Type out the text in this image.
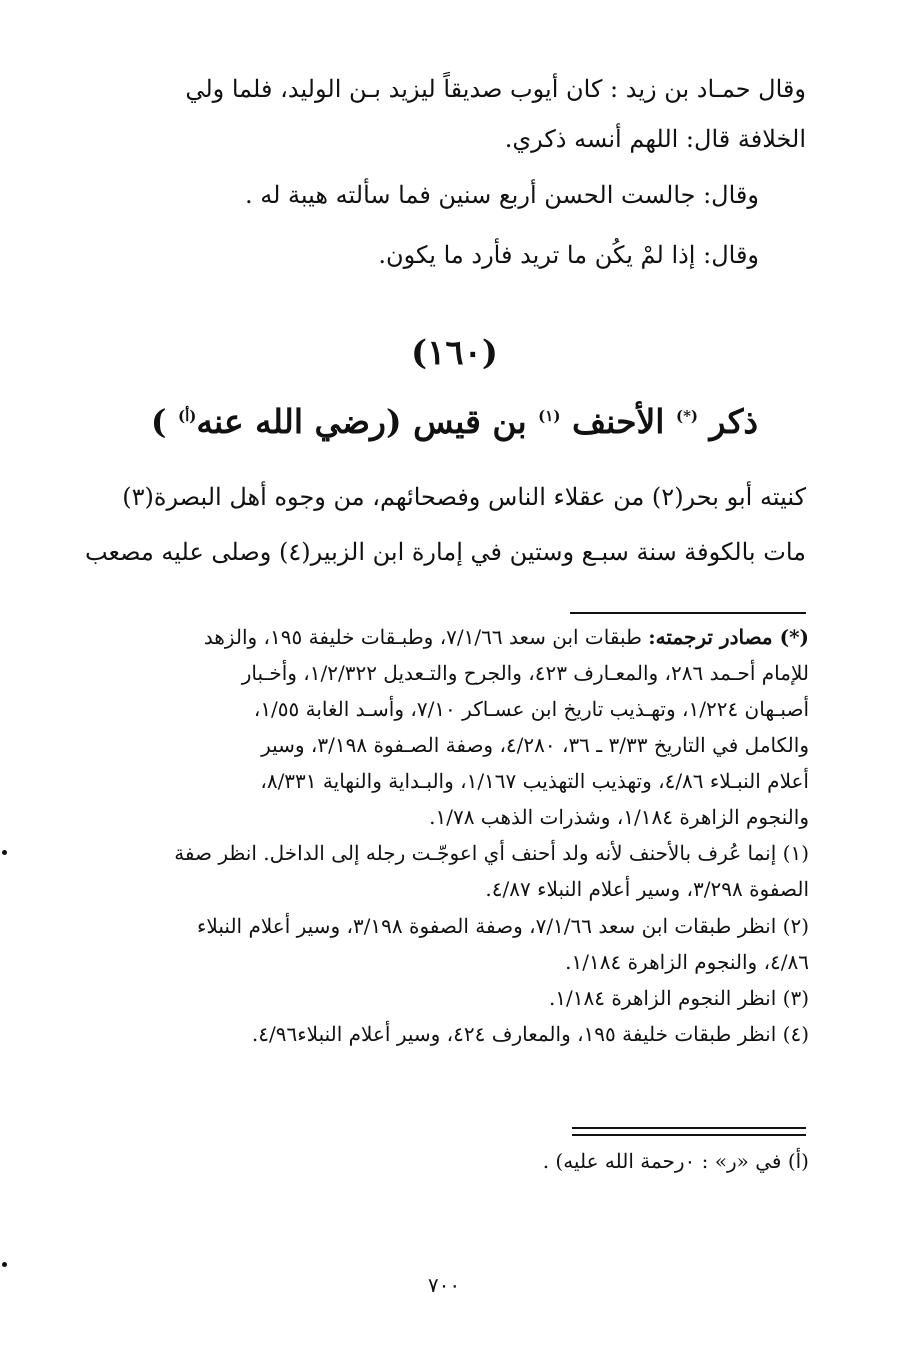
وقال حمـاد بن زيد : كان أيوب صديقاً ليزيد بـن الوليد، فلما ولي
الخلافة قال: اللهم أنسه ذكري.
وقال: جالست الحسن أربع سنين فما سألته هيبة له .
وقال: إذا لمْ يكُن ما تريد فأرد ما يكون.
(١٦٠)
ذكر (*) الأحنف $^{(١)}$ بن قيس (رضي الله عنه$^{(أ)}$ )
كنيته أبو بحر(٢) من عقلاء الناس وفصحائهم، من وجوه أهل البصرة(٣)
مات بالكوفة سنة سبـع وستين في إمارة ابن الزبير(٤) وصلى عليه مصعب
(*) مصادر ترجمته: طبقات ابن سعد ٧/١/٦٦، وطبـقات خليفة ١٩٥، والزهد
للإمام أحـمد ٢٨٦، والمعـارف ٤٢٣، والجرح والتـعديل ١/٢/٣٢٢، وأخـبار
أصبـهان ١/٢٢٤، وتهـذيب تاريخ ابن عسـاكر ٧/١٠، وأسـد الغابة ١/٥٥،
والكامل في التاريخ ٣/٣٣ ـ ٣٦، ٤/٢٨٠، وصفة الصـفوة ٣/١٩٨، وسير
أعلام النبـلاء ٤/٨٦، وتهذيب التهذيب ١/١٦٧، والبـداية والنهاية ٨/٣٣١،
والنجوم الزاهرة ١/١٨٤، وشذرات الذهب ١/٧٨.
(١) إنما عُرف بالأحنف لأنه ولد أحنف أي اعوجّـت رجله إلى الداخل. انظر صفة
الصفوة ٣/٢٩٨، وسير أعلام النبلاء ٤/٨٧.
(٢) انظر طبقات ابن سعد ٧/١/٦٦، وصفة الصفوة ٣/١٩٨، وسير أعلام النبلاء
٤/٨٦، والنجوم الزاهرة ١/١٨٤.
(٣) انظر النجوم الزاهرة ١/١٨٤.
(٤) انظر طبقات خليفة ١٩٥، والمعارف ٤٢٤، وسير أعلام النبلاء٤/٩٦.
(أ) في «ر» : ٠رحمة الله عليه) .
٧٠٠
